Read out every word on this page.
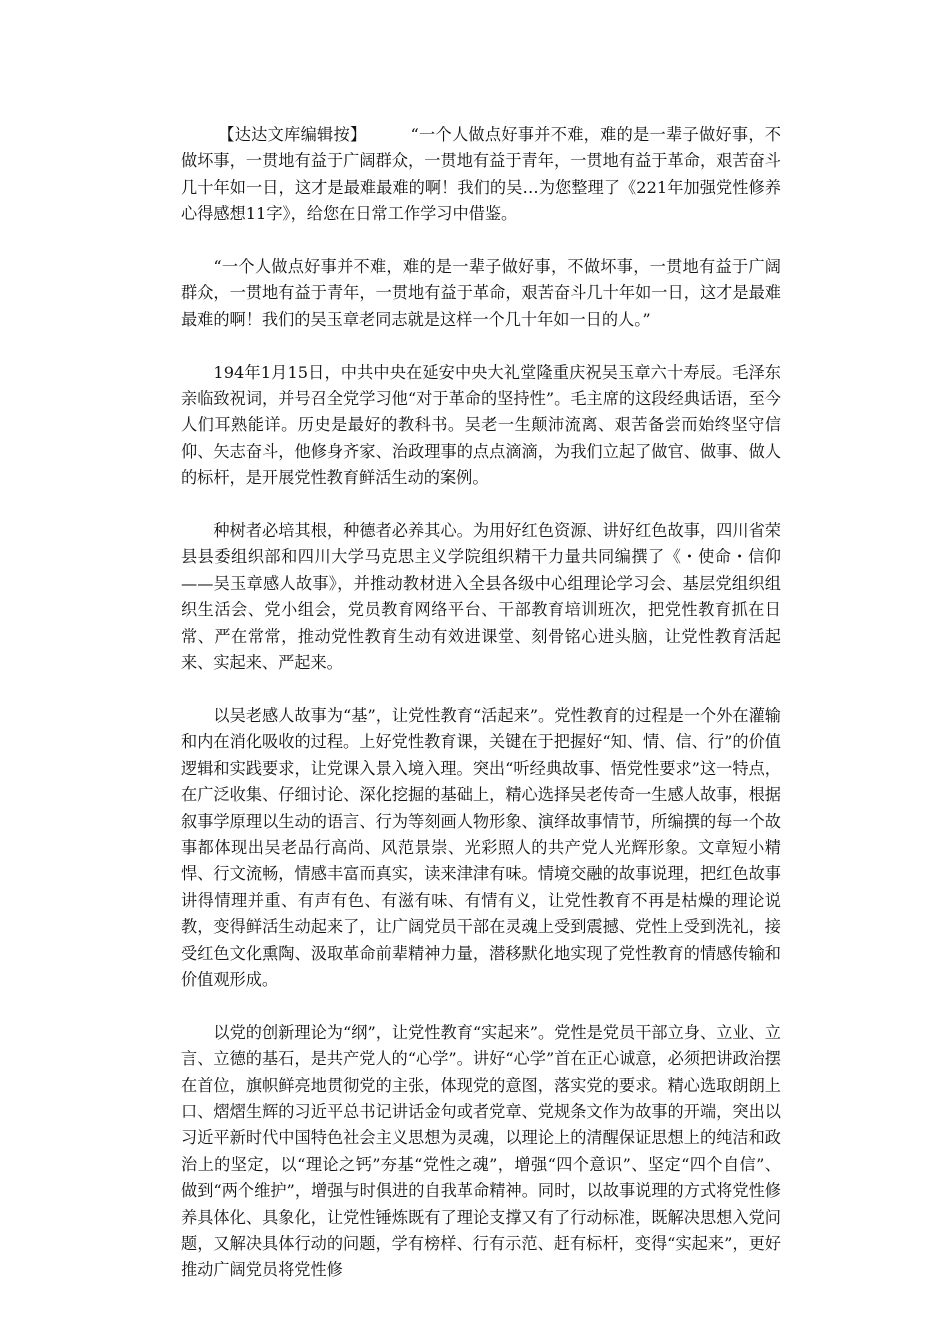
【达达文库编辑按】	“一个人做点好事并不难，难的是一辈子做好事，不做坏事，一贯地有益于广阔群众，一贯地有益于青年，一贯地有益于革命，艰苦奋斗几十年如一日，这才是最难最难的啊！我们的吴…为您整理了《221年加强党性修养心得感想11字》，给您在日常工作学习中借鉴。

“一个人做点好事并不难，难的是一辈子做好事，不做坏事，一贯地有益于广阔群众，一贯地有益于青年，一贯地有益于革命，艰苦奋斗几十年如一日，这才是最难最难的啊！我们的吴玉章老同志就是这样一个几十年如一日的人。”

194年1月15日，中共中央在延安中央大礼堂隆重庆祝吴玉章六十寿辰。毛泽东亲临致祝词，并号召全党学习他“对于革命的坚持性”。毛主席的这段经典话语，至今人们耳熟能详。历史是最好的教科书。吴老一生颠沛流离、艰苦备尝而始终坚守信仰、矢志奋斗，他修身齐家、治政理事的点点滴滴，为我们立起了做官、做事、做人的标杆，是开展党性教育鲜活生动的案例。

种树者必培其根，种德者必养其心。为用好红色资源、讲好红色故事，四川省荣县县委组织部和四川大学马克思主义学院组织精干力量共同编撰了《・使命・信仰——吴玉章感人故事》，并推动教材进入全县各级中心组理论学习会、基层党组织组织生活会、党小组会，党员教育网络平台、干部教育培训班次，把党性教育抓在日常、严在常常，推动党性教育生动有效进课堂、刻骨铭心进头脑，让党性教育活起来、实起来、严起来。

以吴老感人故事为“基”，让党性教育“活起来”。党性教育的过程是一个外在灌输和内在消化吸收的过程。上好党性教育课，关键在于把握好“知、情、信、行”的价值逻辑和实践要求，让党课入景入境入理。突出“听经典故事、悟党性要求”这一特点，在广泛收集、仔细讨论、深化挖掘的基础上，精心选择吴老传奇一生感人故事，根据叙事学原理以生动的语言、行为等刻画人物形象、演绎故事情节，所编撰的每一个故事都体现出吴老品行高尚、风范景崇、光彩照人的共产党人光辉形象。文章短小精悍、行文流畅，情感丰富而真实，读来津津有味。情境交融的故事说理，把红色故事讲得情理并重、有声有色、有滋有味、有情有义，让党性教育不再是枯燥的理论说教，变得鲜活生动起来了，让广阔党员干部在灵魂上受到震撼、党性上受到洗礼，接受红色文化熏陶、汲取革命前辈精神力量，潜移默化地实现了党性教育的情感传输和价值观形成。

以党的创新理论为“纲”，让党性教育“实起来”。党性是党员干部立身、立业、立言、立德的基石，是共产党人的“心学”。讲好“心学”首在正心诚意，必须把讲政治摆在首位，旗帜鲜亮地贯彻党的主张，体现党的意图，落实党的要求。精心选取朗朗上口、熠熠生辉的习近平总书记讲话金句或者党章、党规条文作为故事的开端，突出以习近平新时代中国特色社会主义思想为灵魂，以理论上的清醒保证思想上的纯洁和政治上的坚定，以“理论之钙”夯基“党性之魂”，增强“四个意识”、坚定“四个自信”、做到“两个维护”，增强与时俱进的自我革命精神。同时，以故事说理的方式将党性修养具体化、具象化，让党性锤炼既有了理论支撑又有了行动标准，既解决思想入党问题，又解决具体行动的问题，学有榜样、行有示范、赶有标杆，变得“实起来”，更好推动广阔党员将党性修
